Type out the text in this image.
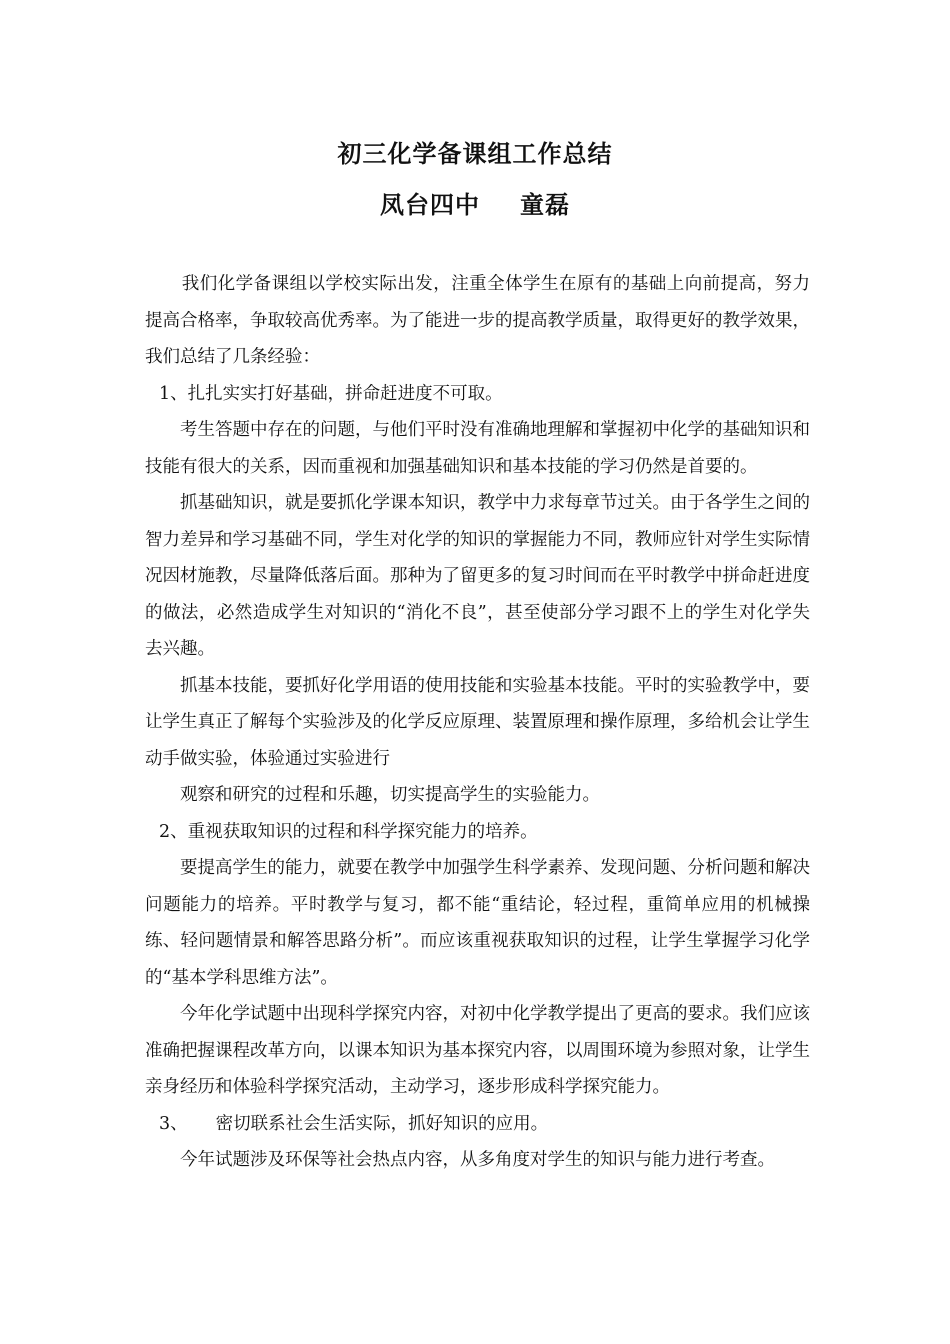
初三化学备课组工作总结
凤台四中 童磊

我们化学备课组以学校实际出发，注重全体学生在原有的基础上向前提高，努力提高合格率，争取较高优秀率。为了能进一步的提高教学质量，取得更好的教学效果，我们总结了几条经验：

1、扎扎实实打好基础，拼命赶进度不可取。

考生答题中存在的问题，与他们平时没有准确地理解和掌握初中化学的基础知识和技能有很大的关系，因而重视和加强基础知识和基本技能的学习仍然是首要的。

抓基础知识，就是要抓化学课本知识，教学中力求每章节过关。由于各学生之间的智力差异和学习基础不同，学生对化学的知识的掌握能力不同，教师应针对学生实际情况因材施教，尽量降低落后面。那种为了留更多的复习时间而在平时教学中拼命赶进度的做法，必然造成学生对知识的“消化不良”，甚至使部分学习跟不上的学生对化学失去兴趣。

抓基本技能，要抓好化学用语的使用技能和实验基本技能。平时的实验教学中，要让学生真正了解每个实验涉及的化学反应原理、装置原理和操作原理，多给机会让学生动手做实验，体验通过实验进行

观察和研究的过程和乐趣，切实提高学生的实验能力。

2、重视获取知识的过程和科学探究能力的培养。

要提高学生的能力，就要在教学中加强学生科学素养、发现问题、分析问题和解决问题能力的培养。平时教学与复习，都不能“重结论，轻过程，重简单应用的机械操练、轻问题情景和解答思路分析”。而应该重视获取知识的过程，让学生掌握学习化学的“基本学科思维方法”。

今年化学试题中出现科学探究内容，对初中化学教学提出了更高的要求。我们应该准确把握课程改革方向，以课本知识为基本探究内容，以周围环境为参照对象，让学生亲身经历和体验科学探究活动，主动学习，逐步形成科学探究能力。

3、 密切联系社会生活实际，抓好知识的应用。

今年试题涉及环保等社会热点内容，从多角度对学生的知识与能力进行考查。
